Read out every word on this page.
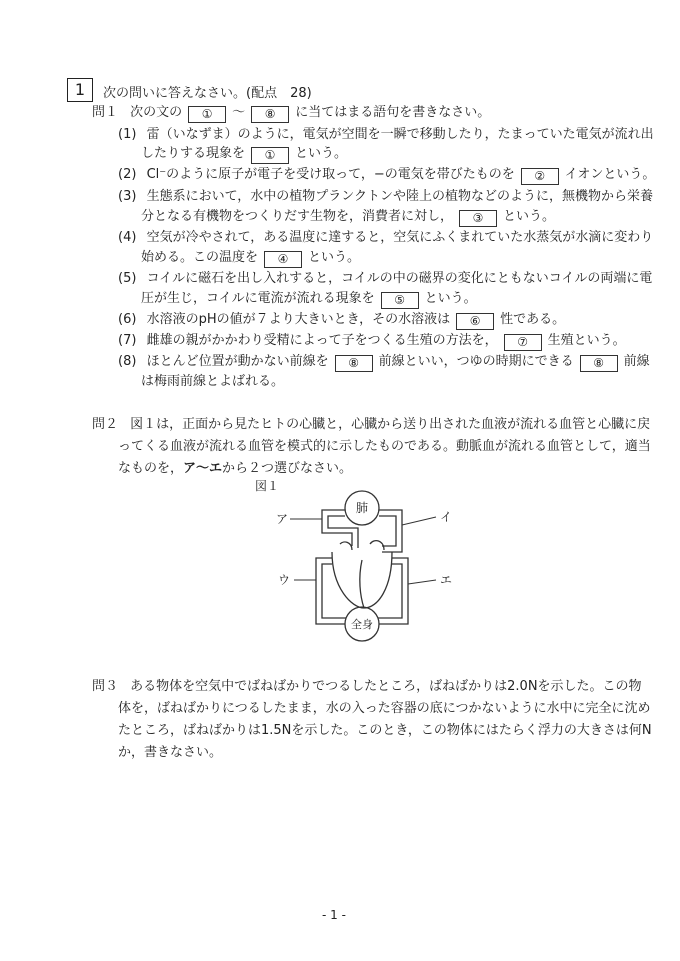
1	次の問いに答えなさい。(配点　28)
問１ 次の文の ① 〜 ⑧ に当てはまる語句を書きなさい。
(1) 雷（いなずま）のように，電気が空間を一瞬で移動したり，たまっていた電気が流れ出
したりする現象を ① という。
(2) Cl⁻のように原子が電子を受け取って，−の電気を帯びたものを ② イオンという。
(3) 生態系において，水中の植物プランクトンや陸上の植物などのように，無機物から栄養
分となる有機物をつくりだす生物を，消費者に対し， ③ という。
(4) 空気が冷やされて，ある温度に達すると，空気にふくまれていた水蒸気が水滴に変わり
始める。この温度を ④ という。
(5) コイルに磁石を出し入れすると，コイルの中の磁界の変化にともないコイルの両端に電
圧が生じ，コイルに電流が流れる現象を ⑤ という。
(6) 水溶液のpHの値が７より大きいとき，その水溶液は ⑥ 性である。
(7) 雌雄の親がかかわり受精によって子をつくる生殖の方法を， ⑦ 生殖という。
(8) ほとんど位置が動かない前線を ⑧ 前線といい，つゆの時期にできる ⑧ 前線
は梅雨前線とよばれる。
問２ 図１は，正面から見たヒトの心臓と，心臓から送り出された血液が流れる血管と心臓に戻
ってくる血液が流れる血管を模式的に示したものである。動脈血が流れる血管として，適当
なものを，ア〜エから２つ選びなさい。
図１
肺
全身
ア	イ
ウ	エ
問３ ある物体を空気中でばねばかりでつるしたところ，ばねばかりは2.0Nを示した。この物
体を，ばねばかりにつるしたまま，水の入った容器の底につかないように水中に完全に沈め
たところ，ばねばかりは1.5Nを示した。このとき，この物体にはたらく浮力の大きさは何N
か，書きなさい。
- 1 -
